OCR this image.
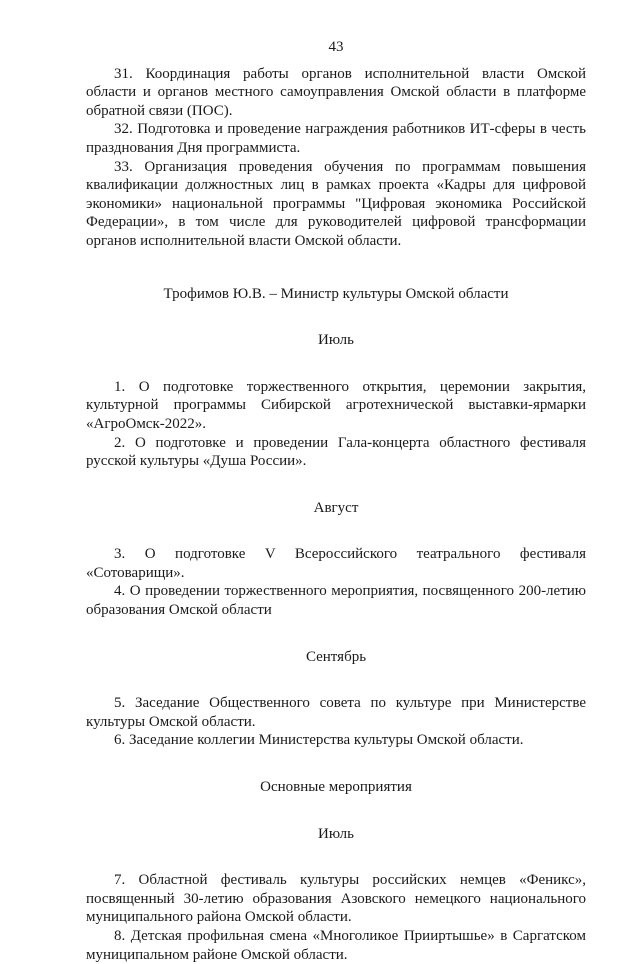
43

31. Координация работы органов исполнительной власти Омской области и органов местного самоуправления Омской области в платформе обратной связи (ПОС).

32. Подготовка и проведение награждения работников ИТ-сферы в честь празднования Дня программиста.

33. Организация проведения обучения по программам повышения квалификации должностных лиц в рамках проекта «Кадры для цифровой экономики» национальной программы "Цифровая экономика Российской Федерации», в том числе для руководителей цифровой трансформации органов исполнительной власти Омской области.

Трофимов Ю.В. – Министр культуры Омской области

Июль

1. О подготовке торжественного открытия, церемонии закрытия, культурной программы Сибирской агротехнической выставки-ярмарки «АгроОмск-2022».

2. О подготовке и проведении Гала-концерта областного фестиваля русской культуры «Душа России».

Август

3. О подготовке V Всероссийского театрального фестиваля «Сотоварищи».

4. О проведении торжественного мероприятия, посвященного 200-летию образования Омской области

Сентябрь

5. Заседание Общественного совета по культуре при Министерстве культуры Омской области.

6. Заседание коллегии Министерства культуры Омской области.

Основные мероприятия

Июль

7. Областной фестиваль культуры российских немцев «Феникс», посвященный 30-летию образования Азовского немецкого национального муниципального района Омской области.

8. Детская профильная смена «Многоликое Прииртышье» в Саргатском муниципальном районе Омской области.
